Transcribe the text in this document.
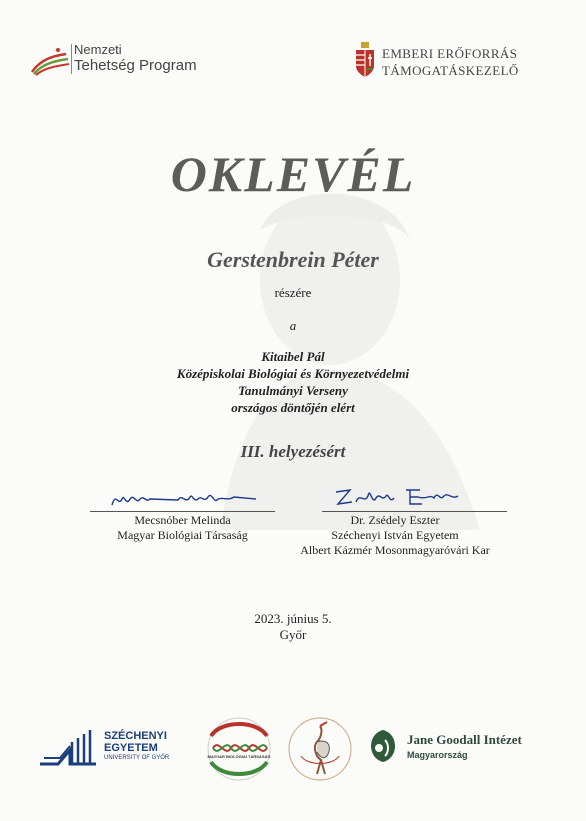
Nemzeti
Tehetség Program
EMBERI ERŐFORRÁS
TÁMOGATÁSKEZELŐ
OKLEVÉL
Gerstenbrein Péter
részére
a
Kitaibel Pál
Középiskolai Biológiai és Környezetvédelmi
Tanulmányi Verseny
országos döntőjén elért
III. helyezésért
Mecsnóber Melinda
Magyar Biológiai Társaság
Dr. Zsédely Eszter
Széchenyi István Egyetem
Albert Kázmér Mosonmagyaróvári Kar
2023. június 5.
Győr
SZÉCHENYI
EGYETEM
UNIVERSITY OF GYŐR	MAGYAR BIOLÓGIAI TÁRSASÁG
Jane Goodall Intézet
Magyarország
